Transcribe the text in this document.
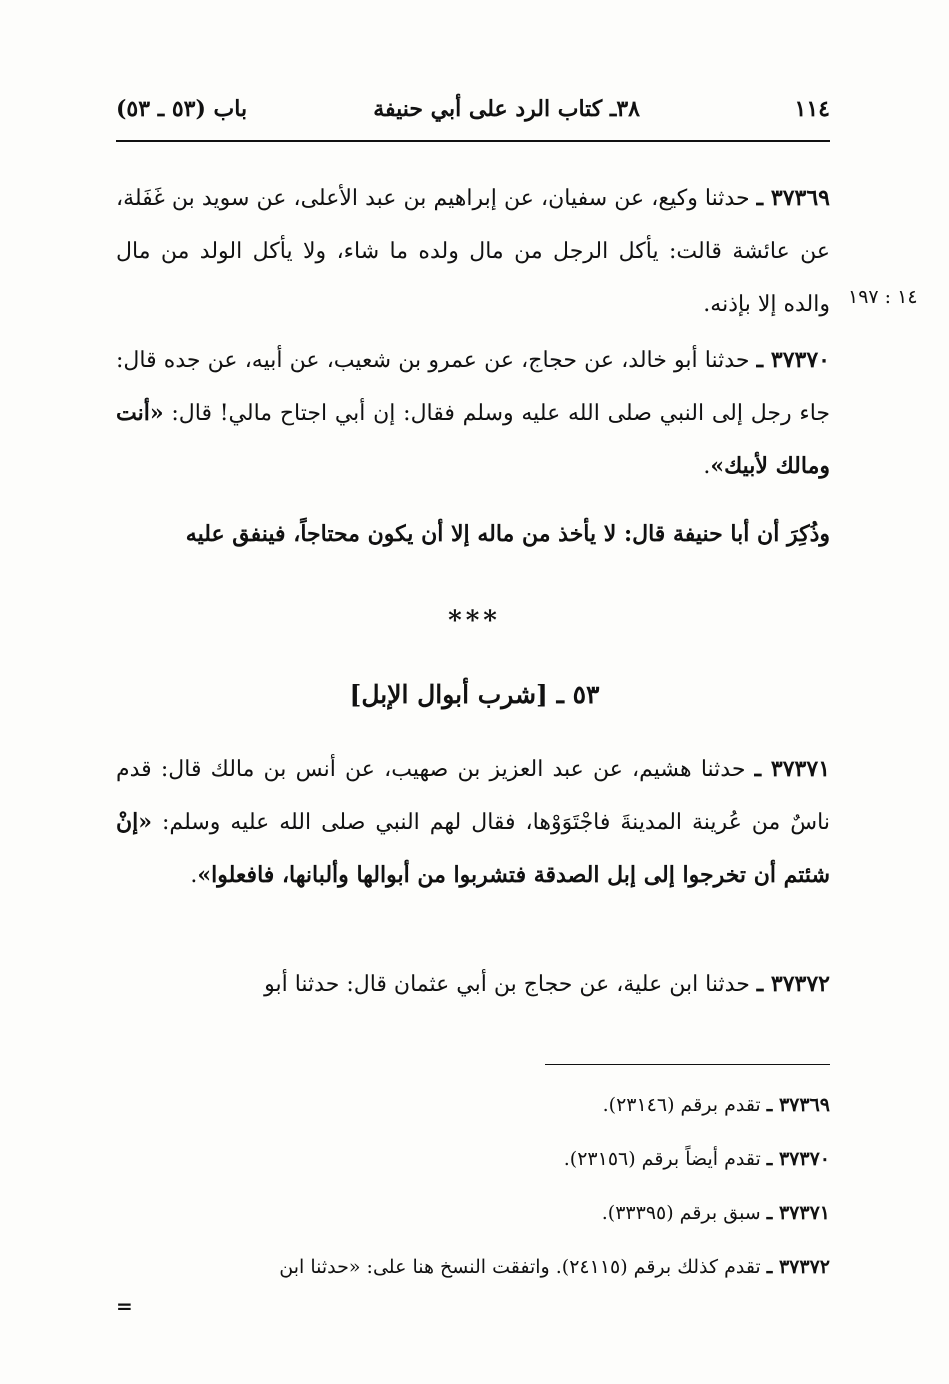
١١٤
٣٨ـ كتاب الرد على أبي حنيفة
باب (٥٣ ـ ٥٣)
١٤ : ١٩٧

٣٧٣٦٩ ـ حدثنا وكيع، عن سفيان، عن إبراهيم بن عبد الأعلى، عن سويد بن غَفَلة، عن عائشة قالت: يأكل الرجل من مال ولده ما شاء، ولا يأكل الولد من مال والده إلا بإذنه.

٣٧٣٧٠ ـ حدثنا أبو خالد، عن حجاج، عن عمرو بن شعيب، عن أبيه، عن جده قال: جاء رجل إلى النبي صلى الله عليه وسلم فقال: إن أبي اجتاح مالي! قال: «أنت ومالك لأبيك».

وذُكِرَ أن أبا حنيفة قال: لا يأخذ من ماله إلا أن يكون محتاجاً، فينفق عليه

***
٥٣ ـ [شرب أبوال الإبل]

٣٧٣٧١ ـ حدثنا هشيم، عن عبد العزيز بن صهيب، عن أنس بن مالك قال: قدم ناسٌ من عُرينة المدينةَ فاجْتَوَوْها، فقال لهم النبي صلى الله عليه وسلم: «إنْ شئتم أن تخرجوا إلى إبل الصدقة فتشربوا من أبوالها وألبانها، فافعلوا».

٣٧٣٧٢ ـ حدثنا ابن علية، عن حجاج بن أبي عثمان قال: حدثنا أبو

٣٧٣٦٩ ـ تقدم برقم (٢٣١٤٦).

٣٧٣٧٠ ـ تقدم أيضاً برقم (٢٣١٥٦).

٣٧٣٧١ ـ سبق برقم (٣٣٣٩٥).

٣٧٣٧٢ ـ تقدم كذلك برقم (٢٤١١٥). واتفقت النسخ هنا على: «حدثنا ابن

=
